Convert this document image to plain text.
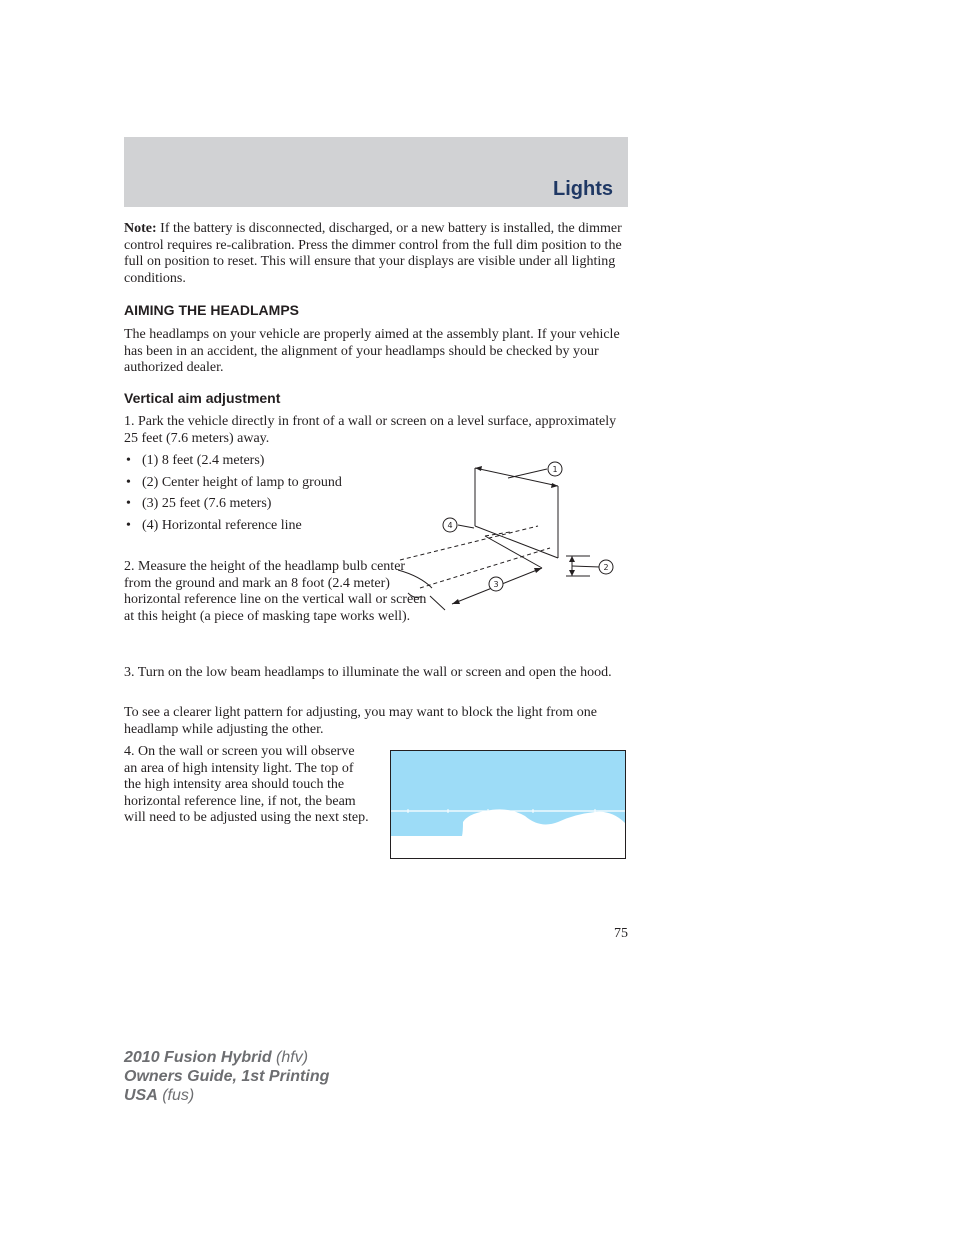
Lights
Note: If the battery is disconnected, discharged, or a new battery is installed, the dimmer control requires re-calibration. Press the dimmer control from the full dim position to the full on position to reset. This will ensure that your displays are visible under all lighting conditions.
AIMING THE HEADLAMPS
The headlamps on your vehicle are properly aimed at the assembly plant. If your vehicle has been in an accident, the alignment of your headlamps should be checked by your authorized dealer.
Vertical aim adjustment
1. Park the vehicle directly in front of a wall or screen on a level surface, approximately 25 feet (7.6 meters) away.
• (1) 8 feet (2.4 meters)
• (2) Center height of lamp to ground
• (3) 25 feet (7.6 meters)
• (4) Horizontal reference line
2. Measure the height of the headlamp bulb center from the ground and mark an 8 foot (2.4 meter) horizontal reference line on the vertical wall or screen at this height (a piece of masking tape works well).
3. Turn on the low beam headlamps to illuminate the wall or screen and open the hood.
To see a clearer light pattern for adjusting, you may want to block the light from one headlamp while adjusting the other.
4. On the wall or screen you will observe an area of high intensity light. The top of the high intensity area should touch the horizontal reference line, if not, the beam will need to be adjusted using the next step.
1
2
3
4
75
2010 Fusion Hybrid (hfv)
Owners Guide, 1st Printing
USA (fus)
